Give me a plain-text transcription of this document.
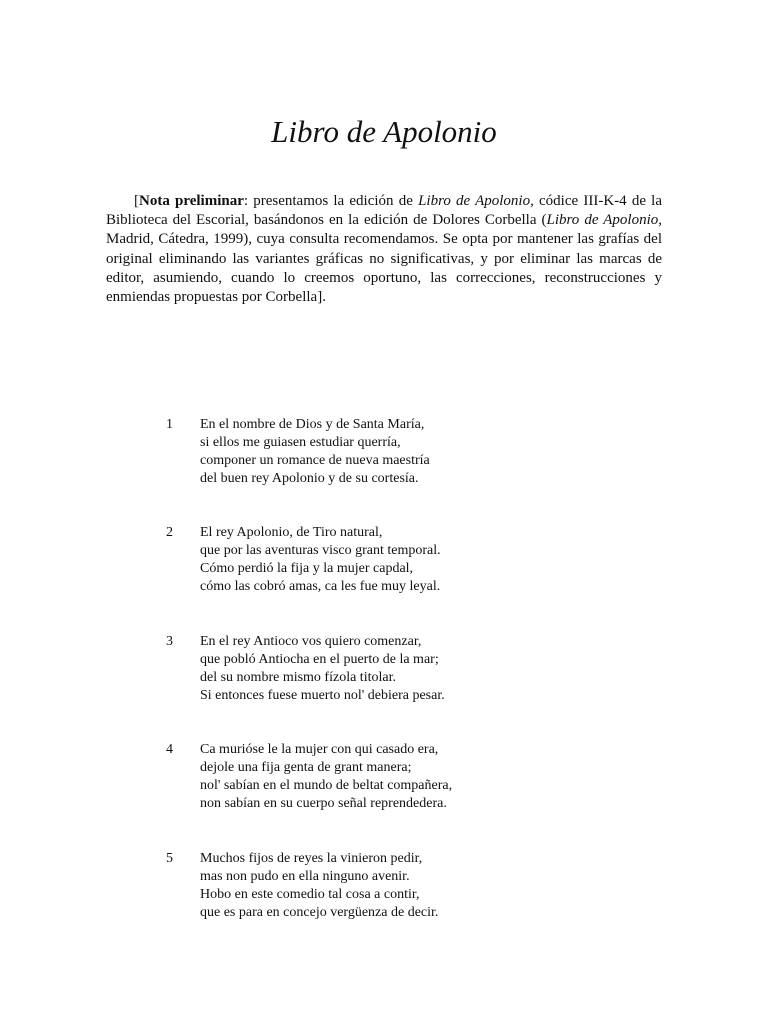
Libro de Apolonio

[Nota preliminar: presentamos la edición de Libro de Apolonio, códice III-K-4 de la Biblioteca del Escorial, basándonos en la edición de Dolores Corbella (Libro de Apolonio, Madrid, Cátedra, 1999), cuya consulta recomendamos. Se opta por mantener las grafías del original eliminando las variantes gráficas no significativas, y por eliminar las marcas de editor, asumiendo, cuando lo creemos oportuno, las correcciones, reconstrucciones y enmiendas propuestas por Corbella].

1 En el nombre de Dios y de Santa María,
si ellos me guiasen estudiar querría,
componer un romance de nueva maestría
del buen rey Apolonio y de su cortesía.
2 El rey Apolonio, de Tiro natural,
que por las aventuras visco grant temporal.
Cómo perdió la fija y la mujer capdal,
cómo las cobró amas, ca les fue muy leyal.
3 En el rey Antioco vos quiero comenzar,
que pobló Antiocha en el puerto de la mar;
del su nombre mismo fízola titolar.
Si entonces fuese muerto nol' debiera pesar.
4 Ca murióse le la mujer con qui casado era,
dejole una fija genta de grant manera;
nol' sabían en el mundo de beltat compañera,
non sabían en su cuerpo señal reprendedera.
5 Muchos fijos de reyes la vinieron pedir,
mas non pudo en ella ninguno avenir.
Hobo en este comedio tal cosa a contir,
que es para en concejo vergüenza de decir.
